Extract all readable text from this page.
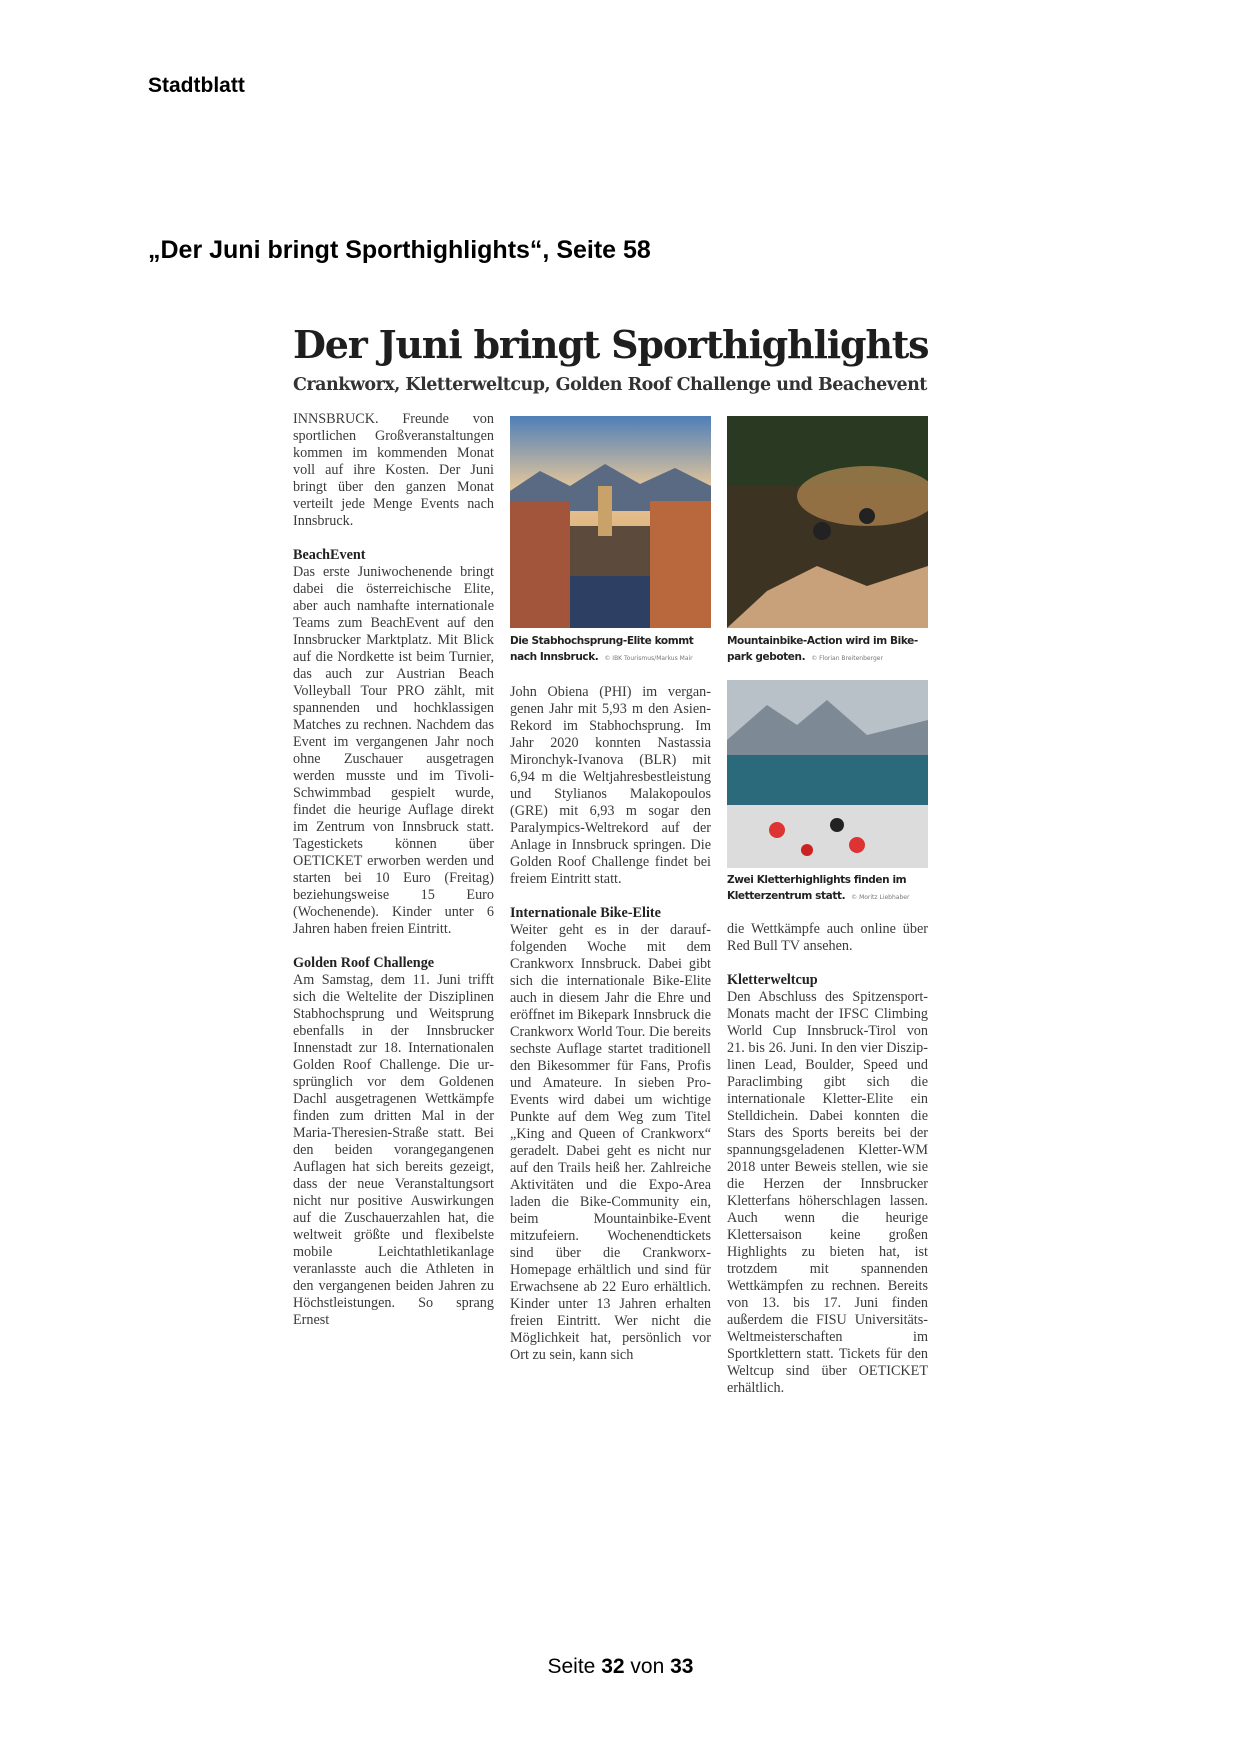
Stadtblatt
„Der Juni bringt Sporthighlights“, Seite 58
Der Juni bringt Sporthighlights
Crankworx, Kletterweltcup, Golden Roof Challenge und Beachevent

INNSBRUCK. Freunde von sportlichen Großveranstaltungen kommen im kommenden Monat voll auf ihre Kosten. Der Juni bringt über den ganzen Monat verteilt jede Menge Events nach Innsbruck.

BeachEvent

Das erste Juniwochenende bringt dabei die österreichische Elite, aber auch namhafte internationale Teams zum BeachEvent auf den Innsbrucker Marktplatz. Mit Blick auf die Nordkette ist beim Turnier, das auch zur Austrian Beach Volleyball Tour PRO zählt, mit spannenden und hochklassigen Matches zu rechnen. Nachdem das Event im vergangenen Jahr noch ohne Zuschauer ausgetragen werden musste und im Tivoli-Schwimmbad gespielt wurde, findet die heurige Auflage direkt im Zentrum von Innsbruck statt. Tagestickets können über OETICKET erworben werden und starten bei 10 Euro (Freitag) beziehungsweise 15 Euro (Wochenende). Kinder unter 6 Jahren haben freien Eintritt.

Golden Roof Challenge

Am Samstag, dem 11. Juni trifft sich die Weltelite der Disziplinen Stabhochsprung und Weitsprung ebenfalls in der Innsbrucker Innenstadt zur 18. Internationalen Golden Roof Challenge. Die ursprünglich vor dem Goldenen Dachl ausgetragenen Wettkämpfe finden zum dritten Mal in der Maria-Theresien-Straße statt. Bei den beiden vorangegangenen Auflagen hat sich bereits gezeigt, dass der neue Veranstaltungsort nicht nur positive Auswirkungen auf die Zuschauerzahlen hat, die weltweit größte und flexibelste mobile Leichtathletikanlage veranlasste auch die Athleten in den vergangenen beiden Jahren zu Höchstleistungen. So sprang Ernest

Die Stabhochsprung-Elite kommt nach Innsbruck. © IBK Tourismus/Markus Mair

John Obiena (PHI) im vergangenen Jahr mit 5,93 m den Asien-Rekord im Stabhochsprung. Im Jahr 2020 konnten Nastassia Mironchyk-Ivanova (BLR) mit 6,94 m die Weltjahresbestleistung und Stylianos Malakopoulos (GRE) mit 6,93 m sogar den Paralympics-Weltrekord auf der Anlage in Innsbruck springen. Die Golden Roof Challenge findet bei freiem Eintritt statt.

Internationale Bike-Elite

Weiter geht es in der darauffolgenden Woche mit dem Crankworx Innsbruck. Dabei gibt sich die internationale Bike-Elite auch in diesem Jahr die Ehre und eröffnet im Bikepark Innsbruck die Crankworx World Tour. Die bereits sechste Auflage startet traditionell den Bikesommer für Fans, Profis und Amateure. In sieben Pro-Events wird dabei um wichtige Punkte auf dem Weg zum Titel „King and Queen of Crankworx“ geradelt. Dabei geht es nicht nur auf den Trails heiß her. Zahlreiche Aktivitäten und die Expo-Area laden die Bike-Community ein, beim Mountainbike-Event mitzufeiern. Wochenendtickets sind über die Crankworx-Homepage erhältlich und sind für Erwachsene ab 22 Euro erhältlich. Kinder unter 13 Jahren erhalten freien Eintritt. Wer nicht die Möglichkeit hat, persönlich vor Ort zu sein, kann sich

Mountainbike-Action wird im Bikepark geboten. © Florian Breitenberger
Zwei Kletterhighlights finden im Kletterzentrum statt. © Moritz Liebhaber

die Wettkämpfe auch online über Red Bull TV ansehen.

Kletterweltcup

Den Abschluss des Spitzensport-Monats macht der IFSC Climbing World Cup Innsbruck-Tirol von 21. bis 26. Juni. In den vier Disziplinen Lead, Boulder, Speed und Paraclimbing gibt sich die internationale Kletter-Elite ein Stelldichein. Dabei konnten die Stars des Sports bereits bei der spannungsgeladenen Kletter-WM 2018 unter Beweis stellen, wie sie die Herzen der Innsbrucker Kletterfans höherschlagen lassen. Auch wenn die heurige Klettersaison keine großen Highlights zu bieten hat, ist trotzdem mit spannenden Wettkämpfen zu rechnen. Bereits von 13. bis 17. Juni finden außerdem die FISU Universitäts-Weltmeisterschaften im Sportklettern statt. Tickets für den Weltcup sind über OETICKET erhältlich.

Seite 32 von 33
